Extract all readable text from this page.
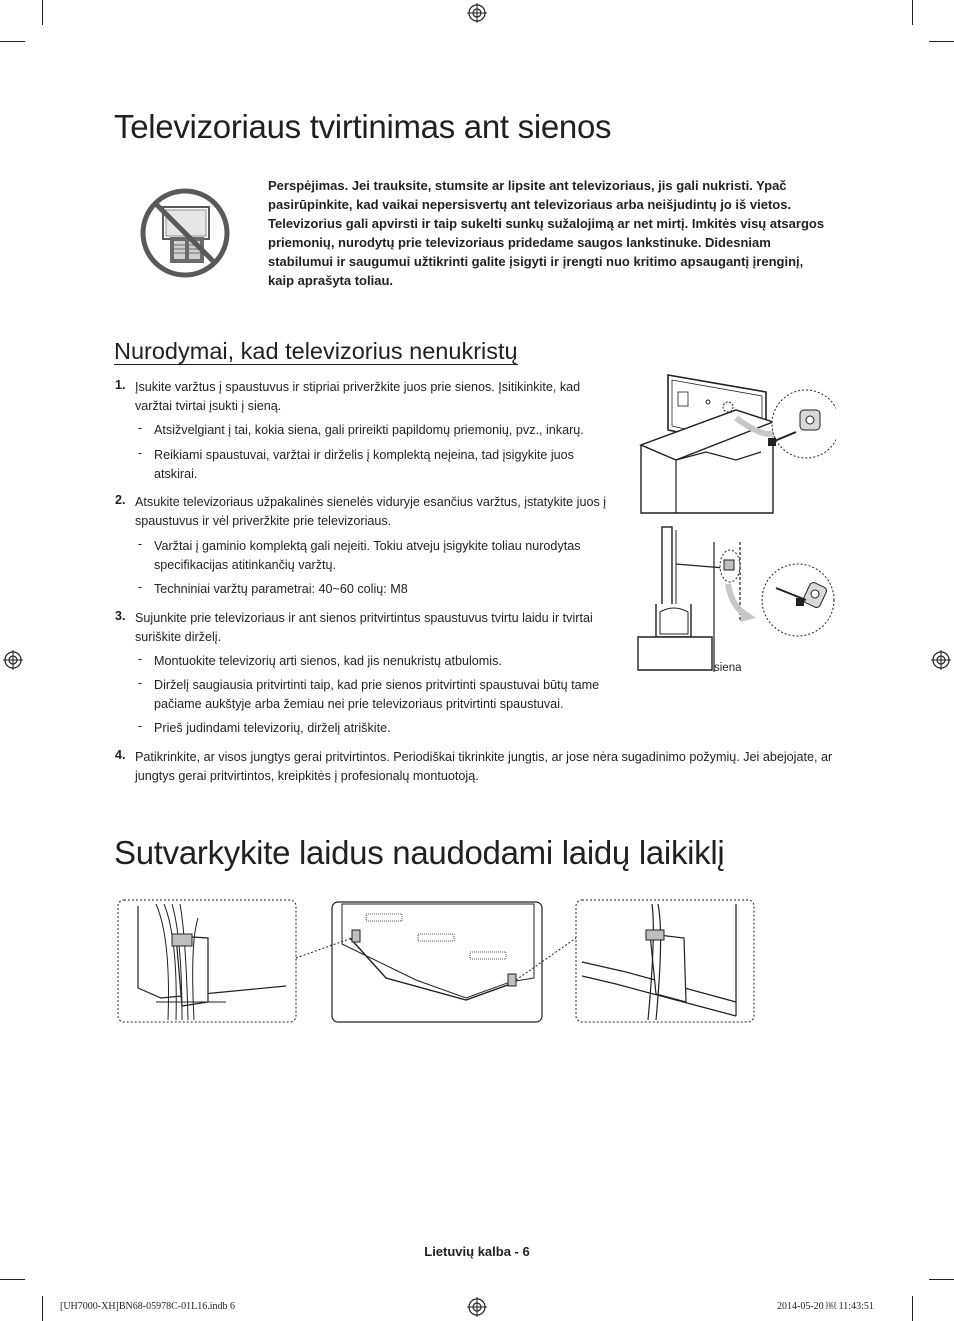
Televizoriaus tvirtinimas ant sienos
Perspėjimas. Jei trauksite, stumsite ar lipsite ant televizoriaus, jis gali nukristi. Ypač pasirūpinkite, kad vaikai nepersisvertų ant televizoriaus arba neišjudintų jo iš vietos. Televizorius gali apvirsti ir taip sukelti sunkų sužalojimą ar net mirtį. Imkitės visų atsargos priemonių, nurodytų prie televizoriaus pridedame saugos lankstinuke. Didesniam stabilumui ir saugumui užtikrinti galite įsigyti ir įrengti nuo kritimo apsaugantį įrenginį, kaip aprašyta toliau.
Nurodymai, kad televizorius nenukristų
1. Įsukite varžtus į spaustuvus ir stipriai priveržkite juos prie sienos. Įsitikinkite, kad varžtai tvirtai įsukti į sieną.
- Atsižvelgiant į tai, kokia siena, gali prireikti papildomų priemonių, pvz., inkarų.
- Reikiami spaustuvai, varžtai ir dirželis į komplektą neįeina, tad įsigykite juos atskirai.
2. Atsukite televizoriaus užpakalinės sienelės viduryje esančius varžtus, įstatykite juos į spaustuvus ir vėl priveržkite prie televizoriaus.
- Varžtai į gaminio komplektą gali neįeiti. Tokiu atveju įsigykite toliau nurodytas specifikacijas atitinkančių varžtų.
- Techniniai varžtų parametrai: 40~60 colių: M8
3. Sujunkite prie televizoriaus ir ant sienos pritvirtintus spaustuvus tvirtu laidu ir tvirtai suriškite dirželį.
- Montuokite televizorių arti sienos, kad jis nenukristų atbulomis.
- Dirželį saugiausia pritvirtinti taip, kad prie sienos pritvirtinti spaustuvai būtų tame pačiame aukštyje arba žemiau nei prie televizoriaus pritvirtinti spaustuvai.
- Prieš judindami televizorių, dirželį atriškite.
4. Patikrinkite, ar visos jungtys gerai pritvirtintos. Periodiškai tikrinkite jungtis, ar jose nėra sugadinimo požymių. Jei abejojate, ar jungtys gerai pritvirtintos, kreipkitės į profesionalų montuotoją.
siena
Sutvarkykite laidus naudodami laidų laikiklį
Lietuvių kalba - 6
[UH7000-XH]BN68-05978C-01L16.indb 6	2014-05-20 ￼ 11:43:51
